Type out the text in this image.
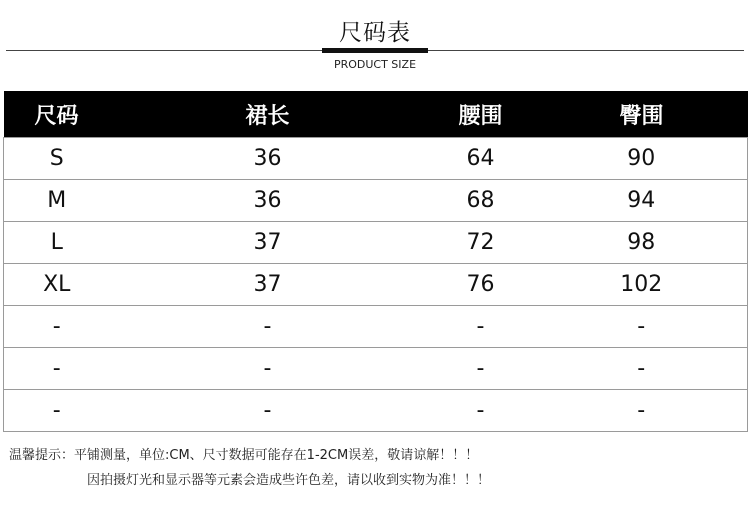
尺码表
PRODUCT SIZE
尺码	裙长	腰围	臀围
S	36	64	90
M	36	68	94
L	37	72	98
XL	37	76	102
-	-	-	-
-	-	-	-
-	-	-	-
温馨提示：平铺测量，单位:CM、尺寸数据可能存在1-2CM误差，敬请谅解！！！
因拍摄灯光和显示器等元素会造成些许色差，请以收到实物为准！！！
